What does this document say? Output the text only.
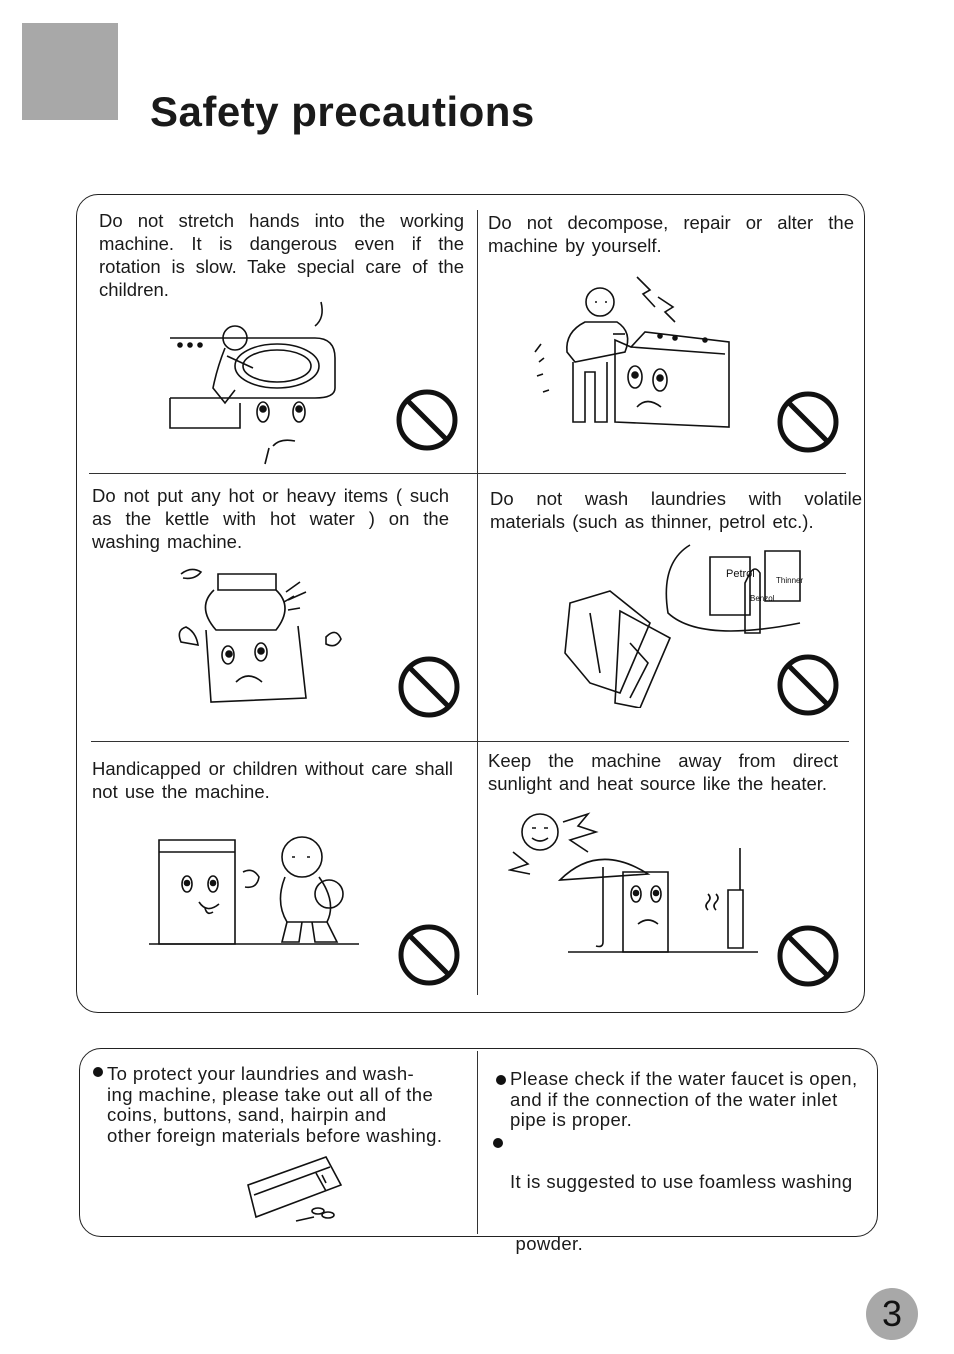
Safety precautions
Do not stretch hands into the working machine. It is dangerous even if the rotation is slow. Take special care of the children.
Do not decompose, repair or alter the machine by yourself.
Do not put any hot or heavy items ( such as the kettle with hot water ) on the washing machine.
Do not wash laundries with volatile materials (such as thinner, petrol etc.).
Handicapped or children without care shall not use the machine.
Keep the machine away from direct sunlight and heat source like the heater.
Petrol
Thinner
Benzol
To protect your laundries and wash-
ing machine, please take out all of the
coins, buttons, sand, hairpin and
other foreign materials before washing.
Please check if the water faucet is open,
and if the connection of the water inlet
pipe is proper.

It is suggested to use foamless washing

powder.

3
